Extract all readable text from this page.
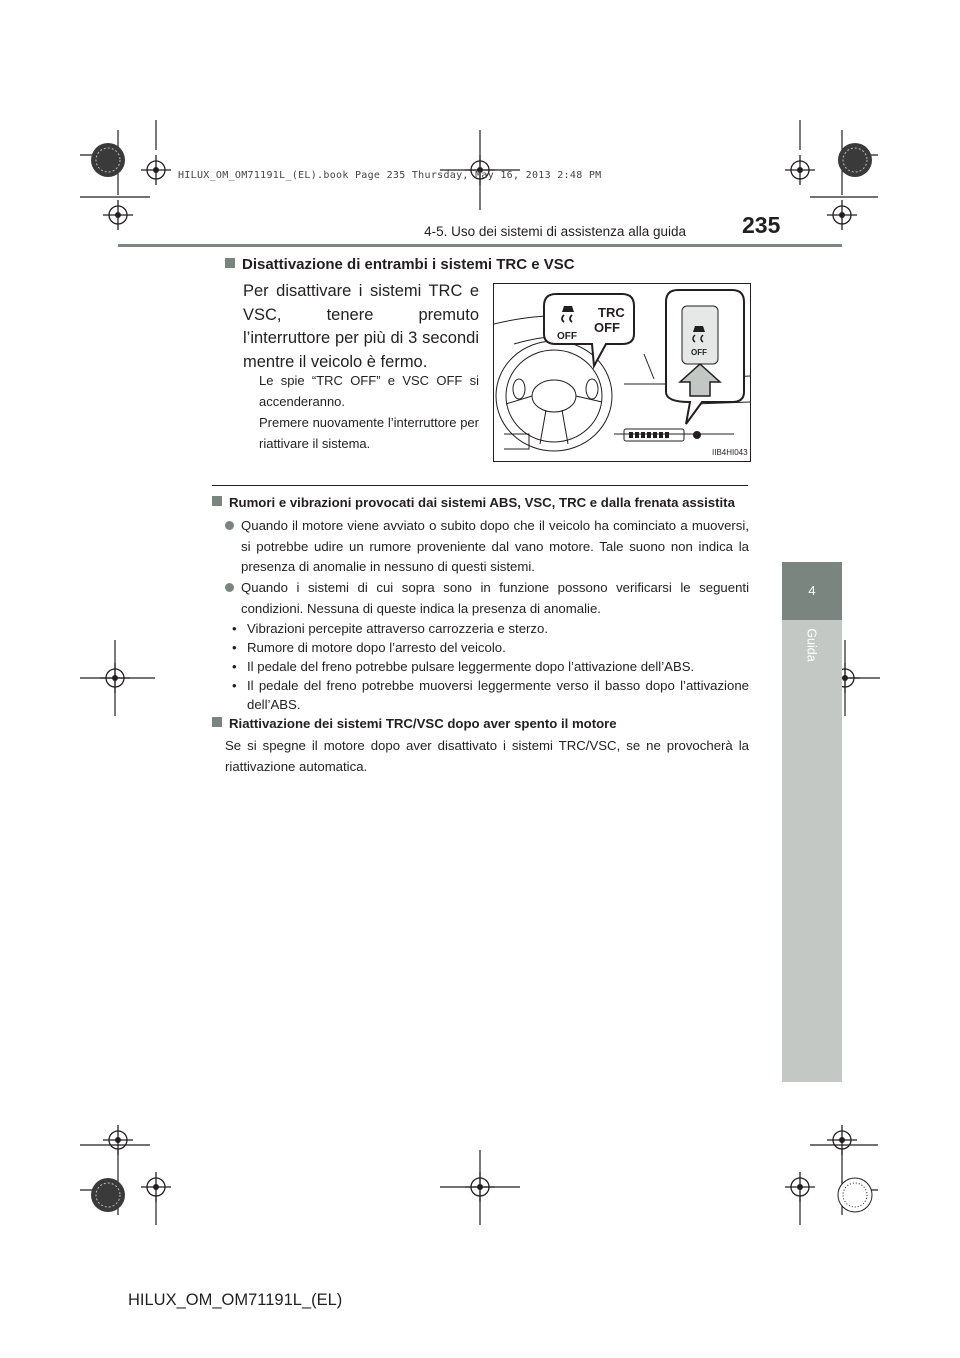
HILUX_OM_OM71191L_(EL).book Page 235 Thursday, May 16, 2013 2:48 PM
4-5. Uso dei sistemi di assistenza alla guida 235
4
Guida
Disattivazione di entrambi i sistemi TRC e VSC
Per disattivare i sistemi TRC e VSC, tenere premuto l’interruttore per più di 3 secondi mentre il veicolo è fermo.
Le spie “TRC OFF” e VSC OFF si accenderanno.
Premere nuovamente l’interruttore per riattivare il sistema.
OFF
TRC
OFF
OFF
IIB4HI043
Rumori e vibrazioni provocati dai sistemi ABS, VSC, TRC e dalla frenata assistita
Quando il motore viene avviato o subito dopo che il veicolo ha cominciato a muoversi, si potrebbe udire un rumore proveniente dal vano motore. Tale suono non indica la presenza di anomalie in nessuno di questi sistemi.
Quando i sistemi di cui sopra sono in funzione possono verificarsi le seguenti condizioni. Nessuna di queste indica la presenza di anomalie.
• Vibrazioni percepite attraverso carrozzeria e sterzo.
• Rumore di motore dopo l’arresto del veicolo.
• Il pedale del freno potrebbe pulsare leggermente dopo l’attivazione dell’ABS.
• Il pedale del freno potrebbe muoversi leggermente verso il basso dopo l’attivazione dell’ABS.
Riattivazione dei sistemi TRC/VSC dopo aver spento il motore
Se si spegne il motore dopo aver disattivato i sistemi TRC/VSC, se ne provocherà la riattivazione automatica.
HILUX_OM_OM71191L_(EL)
